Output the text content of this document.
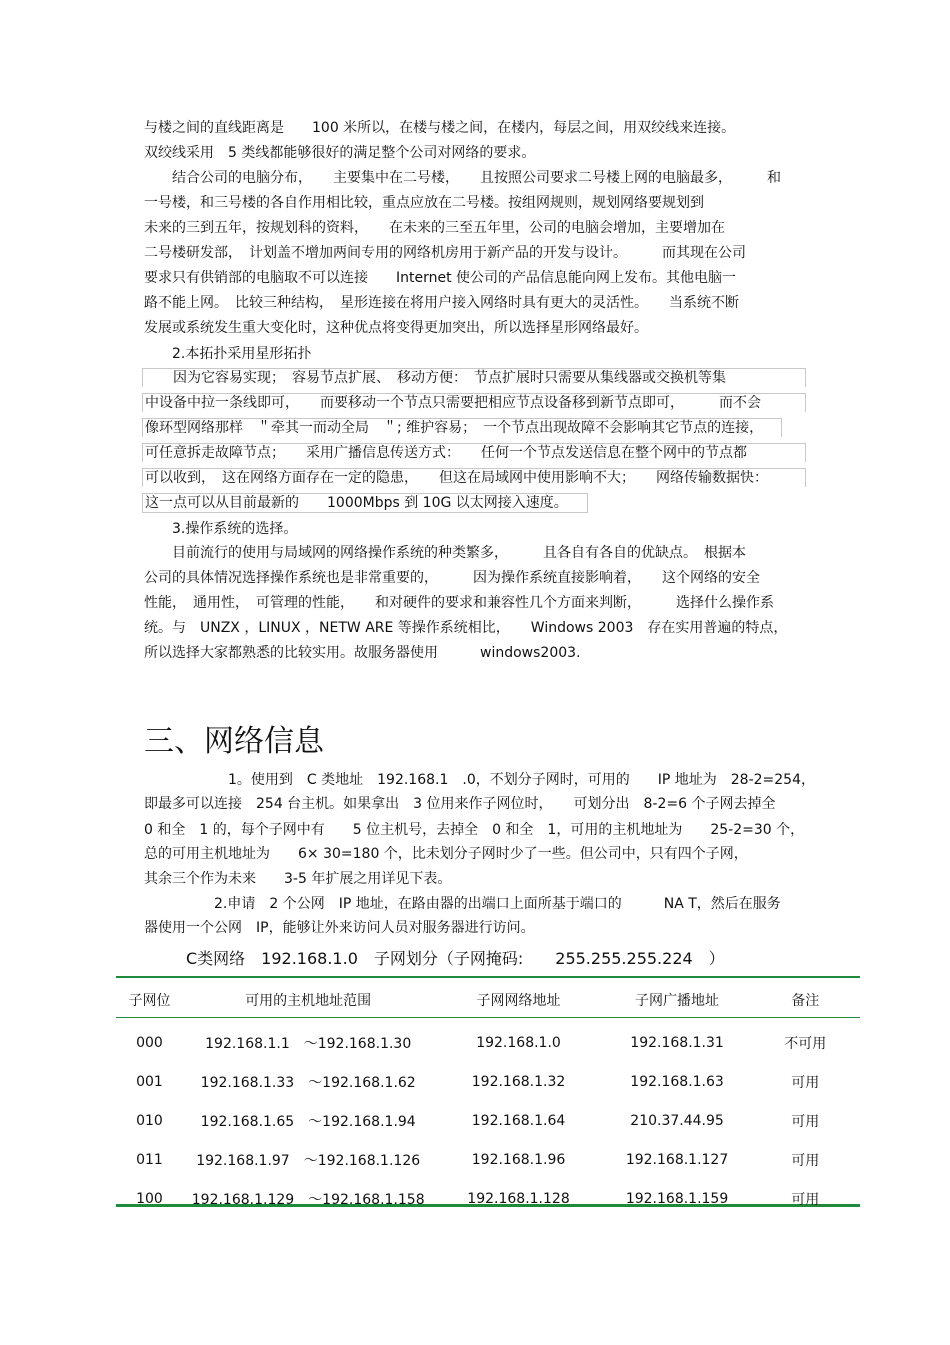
与楼之间的直线距离是　　100 米所以，在楼与楼之间，在楼内，每层之间，用双绞线来连接。
双绞线采用　5 类线都能够很好的满足整个公司对网络的要求。
　　结合公司的电脑分布，　　主要集中在二号楼，　　且按照公司要求二号楼上网的电脑最多，　　　和
一号楼，和三号楼的各自作用相比较，重点应放在二号楼。按组网规则，规划网络要规划到
未来的三到五年，按规划科的资料，　　在未来的三至五年里，公司的电脑会增加，主要增加在
二号楼研发部，　计划盖不增加两间专用的网络机房用于新产品的开发与设计。　　　而其现在公司
要求只有供销部的电脑取不可以连接　　Internet 使公司的产品信息能向网上发布。其他电脑一
路不能上网。　比较三种结构，　星形连接在将用户接入网络时具有更大的灵活性。　　当系统不断
发展或系统发生重大变化时，这种优点将变得更加突出，所以选择星形网络最好。
　　2.本拓扑采用星形拓扑
　　因为它容易实现；　容易节点扩展、　移动方便：　节点扩展时只需要从集线器或交换机等集
中设备中拉一条线即可，　　而要移动一个节点只需要把相应节点设备移到新节点即可，　　　而不会
像环型网络那样　＂牵其一而动全局　＂; 维护容易；　一个节点出现故障不会影响其它节点的连接，
可任意拆走故障节点；　　采用广播信息传送方式：　　任何一个节点发送信息在整个网中的节点都
可以收到，　这在网络方面存在一定的隐患，　　但这在局域网中使用影响不大；　　网络传输数据快：
这一点可以从目前最新的　　1000Mbps 到 10G 以太网接入速度。
　　3.操作系统的选择。
　　目前流行的使用与局域网的网络操作系统的种类繁多，　　　且各自有各自的优缺点。　根据本
公司的具体情况选择操作系统也是非常重要的，　　　因为操作系统直接影响着，　　这个网络的安全
性能，　通用性，　可管理的性能，　　和对硬件的要求和兼容性几个方面来判断，　　　选择什么操作系
统。与　UNZX ，LINUX ，NETW ARE 等操作系统相比，　　Windows 2003　存在实用普遍的特点，
所以选择大家都熟悉的比较实用。故服务器使用　　　windows2003.
三、网络信息
　　　　　　1。使用到　C 类地址　192.168.1　.0，不划分子网时，可用的　　IP 地址为　28-2=254，
即最多可以连接　254 台主机。如果拿出　3 位用来作子网位时，　　可划分出　8-2=6 个子网去掉全
0 和全　1 的，每个子网中有　　5 位主机号，去掉全　0 和全　1，可用的主机地址为　　25-2=30 个，
总的可用主机地址为　　6× 30=180 个，比未划分子网时少了一些。但公司中，只有四个子网，
其余三个作为未来　　3-5 年扩展之用详见下表。
　　　　　2.申请　2 个公网　IP 地址，在路由器的出端口上面所基于端口的　　　NA T，然后在服务
器使用一个公网　IP，能够让外来访问人员对服务器进行访问。
C类网络　192.168.1.0　子网划分（子网掩码:　　255.255.255.224　）
子网位	可用的主机地址范围	子网网络地址	子网广播地址	备注

000	192.168.1.1　～192.168.1.30	192.168.1.0	192.168.1.31	不可用
001	192.168.1.33　～192.168.1.62	192.168.1.32	192.168.1.63	可用
010	192.168.1.65　～192.168.1.94	192.168.1.64	210.37.44.95	可用
011	192.168.1.97　～192.168.1.126	192.168.1.96	192.168.1.127	可用
100	192.168.1.129　～192.168.1.158	192.168.1.128	192.168.1.159	可用
